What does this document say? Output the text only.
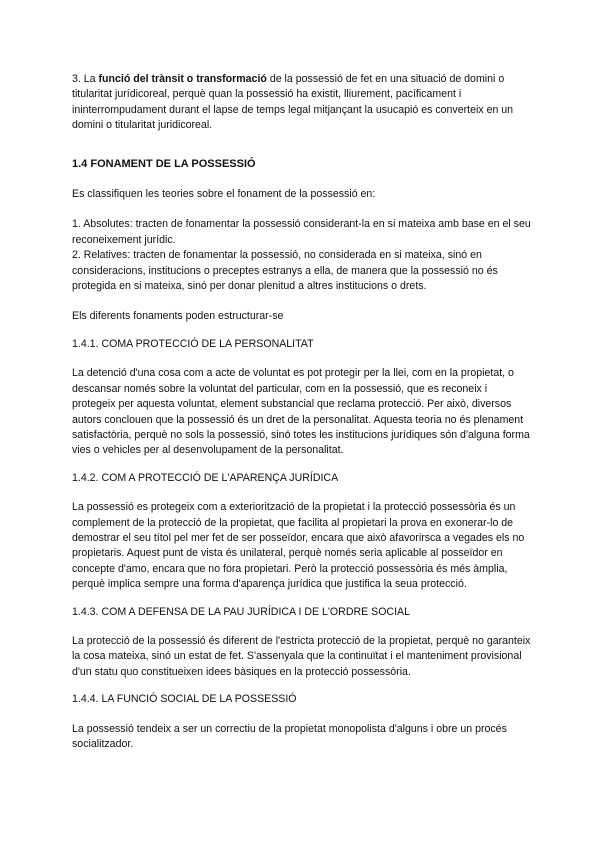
3. La funció del trànsit o transformació de la possessió de fet en una situació de domini o titularitat jurídicoreal, perquè quan la possessió ha existit, lliurement, pacíficament i ininterrompudament durant el lapse de temps legal mitjançant la usucapió es converteix en un domini o titularitat juridicoreal.

1.4 FONAMENT DE LA POSSESSIÓ

Es classifiquen les teories sobre el fonament de la possessió en:

1. Absolutes: tracten de fonamentar la possessió considerant-la en si mateixa amb base en el seu reconeixement jurídic.

2. Relatives: tracten de fonamentar la possessió, no considerada en si mateixa, sinó en consideracions, institucions o preceptes estranys a ella, de manera que la possessió no és protegida en si mateixa, sinó per donar plenitud a altres institucions o drets.

Els diferents fonaments poden estructurar-se

1.4.1. COMA PROTECCIÓ DE LA PERSONALITAT

La detenció d'una cosa com a acte de voluntat es pot protegir per la llei, com en la propietat, o descansar només sobre la voluntat del particular, com en la possessió, que es reconeix i protegeix per aquesta voluntat, element substancial que reclama protecció. Per això, diversos autors conclouen que la possessió és un dret de la personalitat. Aquesta teoria no és plenament satisfactòria, perquè no sols la possessió, sinó totes les institucions jurídiques són d'alguna forma vies o vehicles per al desenvolupament de la personalitat.

1.4.2. COM A PROTECCIÓ DE L'APARENÇA JURÍDICA

La possessió es protegeix com a exteriorització de la propietat i la protecció possessòria és un complement de la protecció de la propietat, que facilita al propietari la prova en exonerar-lo de demostrar el seu títol pel mer fet de ser posseïdor, encara que això afavorirsca a vegades els no propietaris. Aquest punt de vista és unilateral, perquè només seria aplicable al posseïdor en concepte d'amo, encara que no fora propietari. Però la protecció possessòria és més àmplia, perquè implica sempre una forma d'aparença jurídica que justifica la seua protecció.

1.4.3. COM A DEFENSA DE LA PAU JURÍDICA I DE L'ORDRE SOCIAL

La protecció de la possessió és diferent de l'estricta protecció de la propietat, perquè no garanteix la cosa mateixa, sinó un estat de fet. S'assenyala que la continuïtat i el manteniment provisional d'un statu quo constitueixen idees bàsiques en la protecció possessòria.

1.4.4. LA FUNCIÓ SOCIAL DE LA POSSESSIÓ

La possessió tendeix a ser un correctiu de la propietat monopolista d'alguns i obre un procés socialitzador.
